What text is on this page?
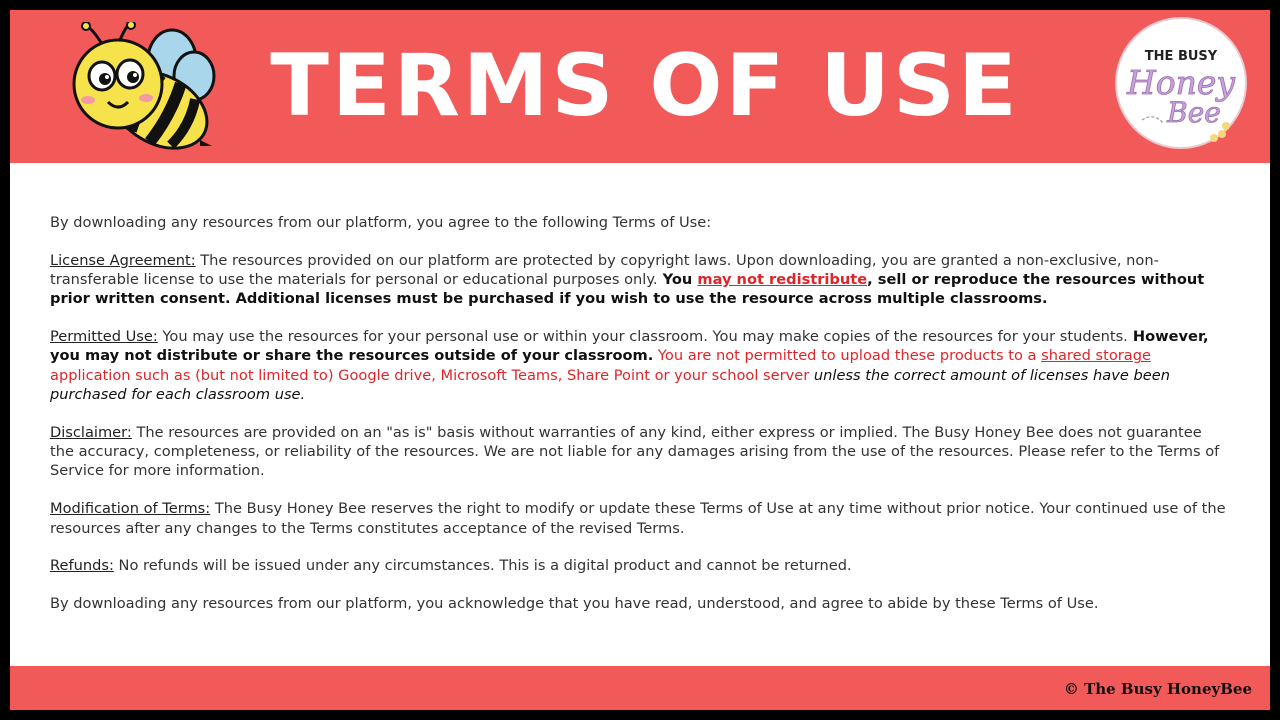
TERMS OF USE	THE BUSY
Honey
Bee

By downloading any resources from our platform, you agree to the following Terms of Use:

License Agreement: The resources provided on our platform are protected by copyright laws. Upon downloading, you are granted a non-exclusive, non-transferable license to use the materials for personal or educational purposes only. You may not redistribute, sell or reproduce the resources without prior written consent. Additional licenses must be purchased if you wish to use the resource across multiple classrooms.

Permitted Use: You may use the resources for your personal use or within your classroom. You may make copies of the resources for your students. However, you may not distribute or share the resources outside of your classroom. You are not permitted to upload these products to a shared storage application such as (but not limited to) Google drive, Microsoft Teams, Share Point or your school server unless the correct amount of licenses have been purchased for each classroom use.

Disclaimer: The resources are provided on an "as is" basis without warranties of any kind, either express or implied. The Busy Honey Bee does not guarantee the accuracy, completeness, or reliability of the resources. We are not liable for any damages arising from the use of the resources. Please refer to the Terms of Service for more information.

Modification of Terms: The Busy Honey Bee reserves the right to modify or update these Terms of Use at any time without prior notice. Your continued use of the resources after any changes to the Terms constitutes acceptance of the revised Terms.

Refunds: No refunds will be issued under any circumstances. This is a digital product and cannot be returned.

By downloading any resources from our platform, you acknowledge that you have read, understood, and agree to abide by these Terms of Use.

© The Busy HoneyBee
